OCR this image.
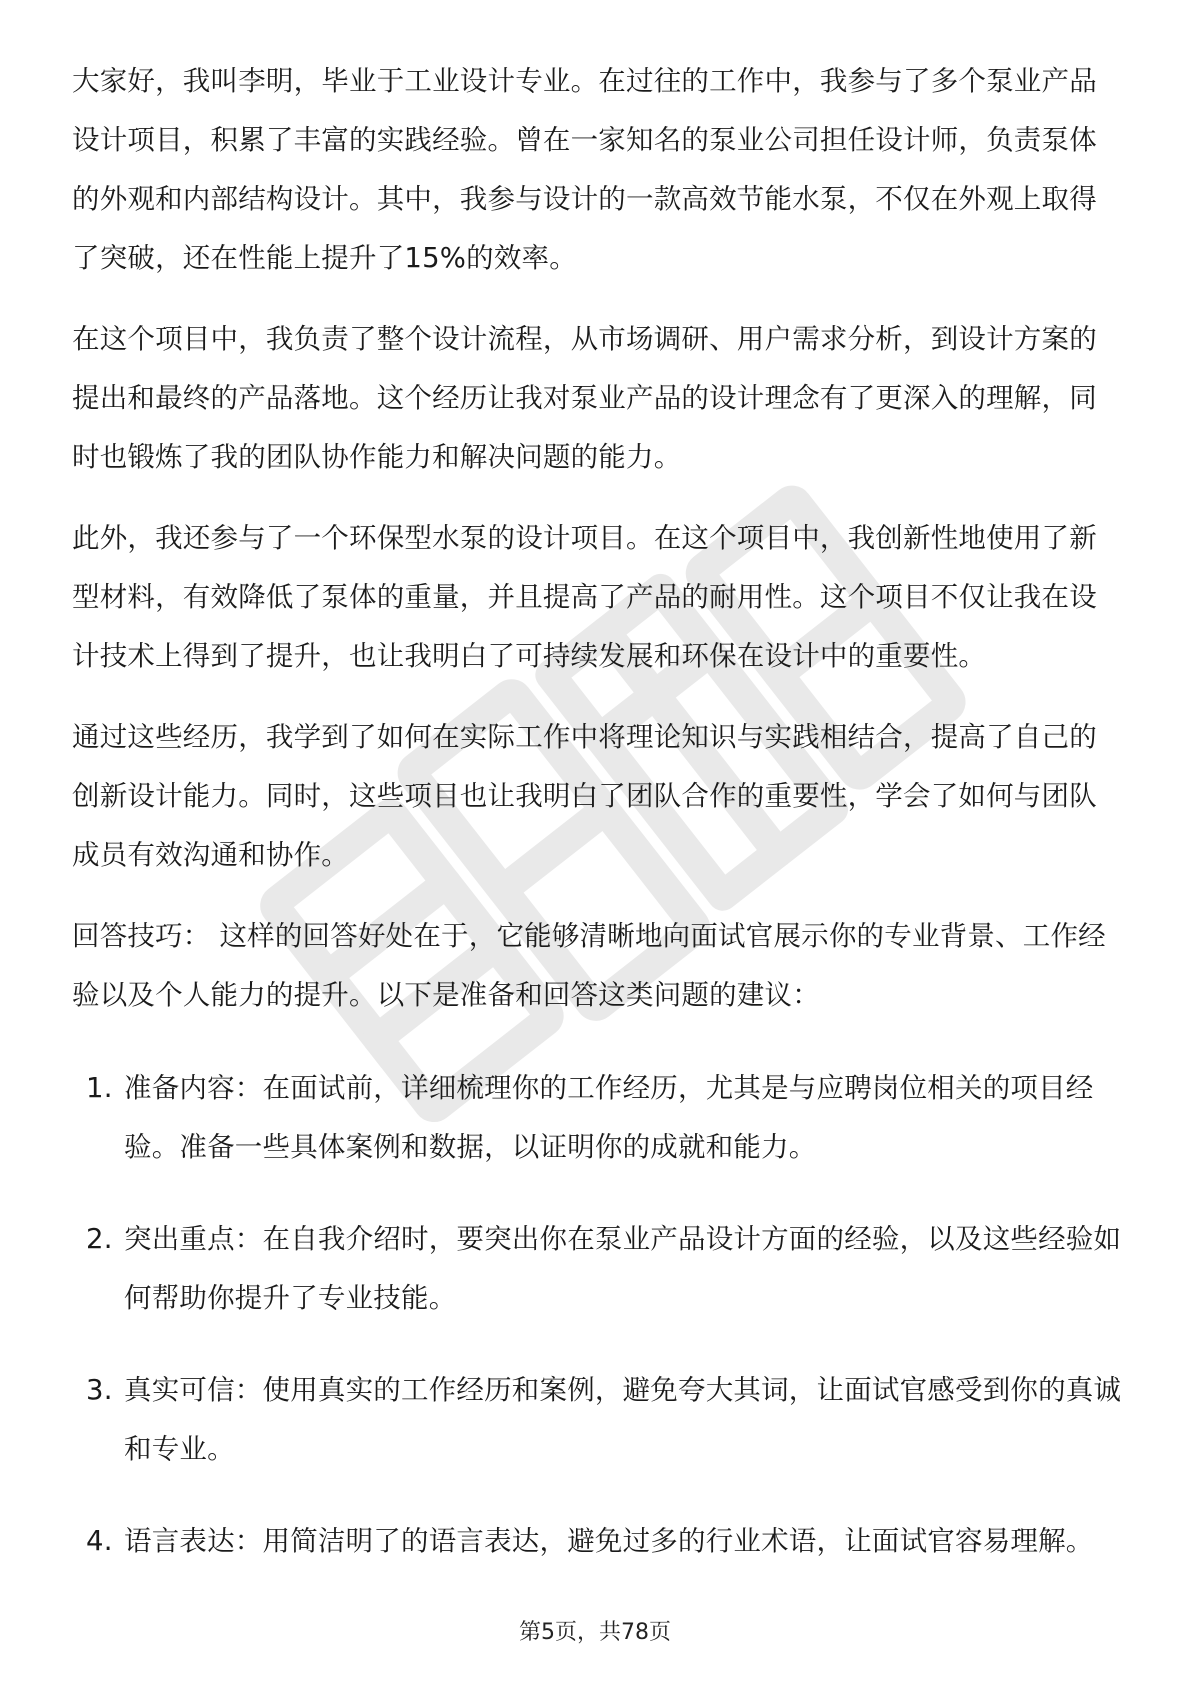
大家好，我叫李明，毕业于工业设计专业。在过往的工作中，我参与了多个泵业产品设计项目，积累了丰富的实践经验。曾在一家知名的泵业公司担任设计师，负责泵体的外观和内部结构设计。其中，我参与设计的一款高效节能水泵，不仅在外观上取得了突破，还在性能上提升了15%的效率。

在这个项目中，我负责了整个设计流程，从市场调研、用户需求分析，到设计方案的提出和最终的产品落地。这个经历让我对泵业产品的设计理念有了更深入的理解，同时也锻炼了我的团队协作能力和解决问题的能力。

此外，我还参与了一个环保型水泵的设计项目。在这个项目中，我创新性地使用了新型材料，有效降低了泵体的重量，并且提高了产品的耐用性。这个项目不仅让我在设计技术上得到了提升，也让我明白了可持续发展和环保在设计中的重要性。

通过这些经历，我学到了如何在实际工作中将理论知识与实践相结合，提高了自己的创新设计能力。同时，这些项目也让我明白了团队合作的重要性，学会了如何与团队成员有效沟通和协作。

回答技巧： 这样的回答好处在于，它能够清晰地向面试官展示你的专业背景、工作经验以及个人能力的提升。以下是准备和回答这类问题的建议：

1. 准备内容：在面试前，详细梳理你的工作经历，尤其是与应聘岗位相关的项目经验。准备一些具体案例和数据，以证明你的成就和能力。
2. 突出重点：在自我介绍时，要突出你在泵业产品设计方面的经验，以及这些经验如何帮助你提升了专业技能。
3. 真实可信：使用真实的工作经历和案例，避免夸大其词，让面试官感受到你的真诚和专业。
4. 语言表达：用简洁明了的语言表达，避免过多的行业术语，让面试官容易理解。
第5页，共78页
